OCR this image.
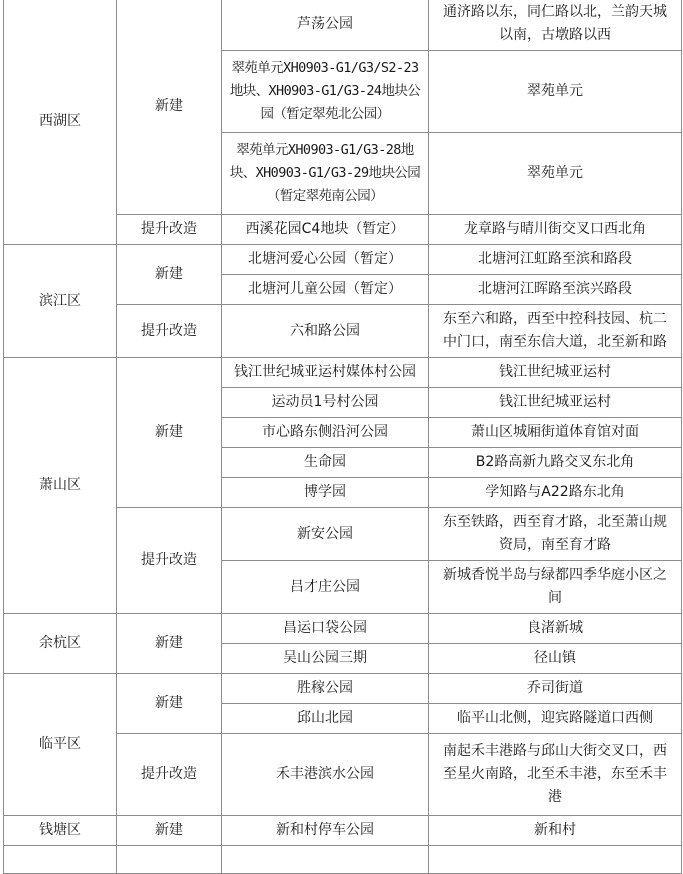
西湖区	新建	芦荡公园	通济路以东，同仁路以北，兰韵天城以南，古墩路以西
		翠苑单元XH0903-G1/G3/S2-23地块、XH0903-G1/G3-24地块公园（暂定翠苑北公园）	翠苑单元
		翠苑单元XH0903-G1/G3-28地块、XH0903-G1/G3-29地块公园（暂定翠苑南公园）	翠苑单元
	提升改造	西溪花园C4地块（暂定）	龙章路与晴川街交叉口西北角
滨江区	新建	北塘河爱心公园（暂定）	北塘河江虹路至滨和路段
		北塘河儿童公园（暂定）	北塘河江晖路至滨兴路段
	提升改造	六和路公园	东至六和路，西至中控科技园、杭二中门口，南至东信大道，北至新和路
萧山区	新建	钱江世纪城亚运村媒体村公园	钱江世纪城亚运村
		运动员1号村公园	钱江世纪城亚运村
		市心路东侧沿河公园	萧山区城厢街道体育馆对面
		生命园	B2路高新九路交叉东北角
		博学园	学知路与A22路东北角
	提升改造	新安公园	东至铁路，西至育才路，北至萧山规资局，南至育才路
		吕才庄公园	新城香悦半岛与绿都四季华庭小区之间
余杭区	新建	昌运口袋公园	良渚新城
		吴山公园三期	径山镇
临平区	新建	胜稼公园	乔司街道
		邱山北园	临平山北侧，迎宾路隧道口西侧
	提升改造	禾丰港滨水公园	南起禾丰港路与邱山大街交叉口，西至星火南路，北至禾丰港，东至禾丰港
钱塘区	新建	新和村停车公园	新和村
